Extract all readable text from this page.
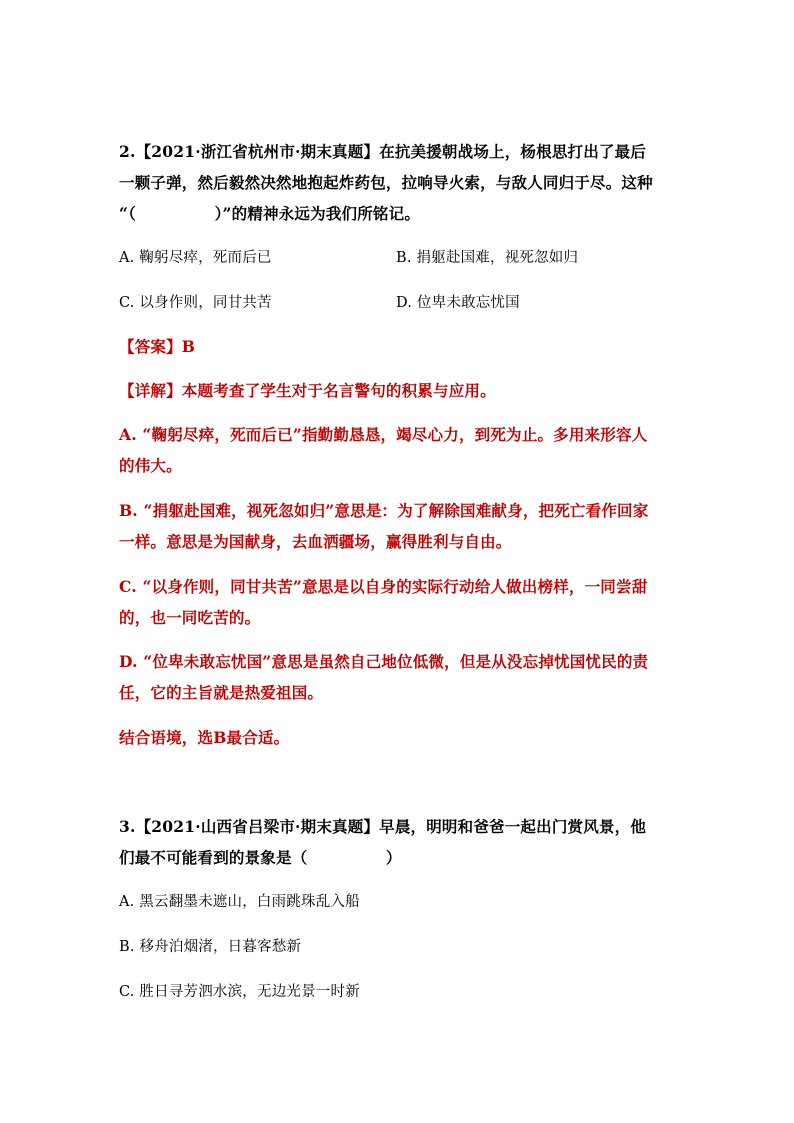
2.【2021·浙江省杭州市·期末真题】在抗美援朝战场上，杨根思打出了最后
一颗子弹，然后毅然决然地抱起炸药包，拉响导火索，与敌人同归于尽。这种
“（　　　　　）”的精神永远为我们所铭记。
A. 鞠躬尽瘁，死而后已	B. 捐躯赴国难，视死忽如归
C. 以身作则，同甘共苦	D. 位卑未敢忘忧国
【答案】B
【详解】本题考查了学生对于名言警句的积累与应用。
A. “鞠躬尽瘁，死而后已”指勤勤恳恳，竭尽心力，到死为止。多用来形容人
的伟大。
B. “捐躯赴国难，视死忽如归”意思是：为了解除国难献身，把死亡看作回家
一样。意思是为国献身，去血洒疆场，赢得胜利与自由。
C. “以身作则，同甘共苦”意思是以自身的实际行动给人做出榜样，一同尝甜
的，也一同吃苦的。
D. “位卑未敢忘忧国”意思是虽然自己地位低微，但是从没忘掉忧国忧民的责
任，它的主旨就是热爱祖国。
结合语境，选B最合适。
3.【2021·山西省吕梁市·期末真题】早晨，明明和爸爸一起出门赏风景，他
们最不可能看到的景象是（　　　　　）
A. 黑云翻墨未遮山，白雨跳珠乱入船
B. 移舟泊烟渚，日暮客愁新
C. 胜日寻芳泗水滨，无边光景一时新
